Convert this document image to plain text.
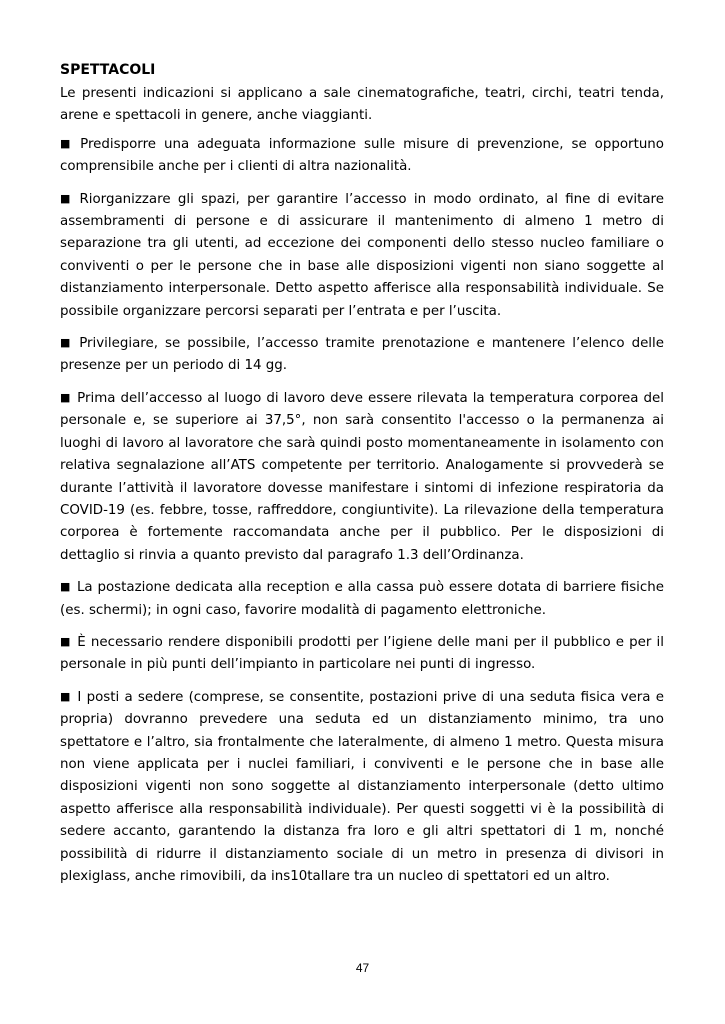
SPETTACOLI

Le presenti indicazioni si applicano a sale cinematografiche, teatri, circhi, teatri tenda, arene e spettacoli in genere, anche viaggianti.

■ Predisporre una adeguata informazione sulle misure di prevenzione, se opportuno comprensibile anche per i clienti di altra nazionalità.

■ Riorganizzare gli spazi, per garantire l’accesso in modo ordinato, al fine di evitare assembramenti di persone e di assicurare il mantenimento di almeno 1 metro di separazione tra gli utenti, ad eccezione dei componenti dello stesso nucleo familiare o conviventi o per le persone che in base alle disposizioni vigenti non siano soggette al distanziamento interpersonale. Detto aspetto afferisce alla responsabilità individuale. Se possibile organizzare percorsi separati per l’entrata e per l’uscita.

■ Privilegiare, se possibile, l’accesso tramite prenotazione e mantenere l’elenco delle presenze per un periodo di 14 gg.

■ Prima dell’accesso al luogo di lavoro deve essere rilevata la temperatura corporea del personale e, se superiore ai 37,5°, non sarà consentito l'accesso o la permanenza ai luoghi di lavoro al lavoratore che sarà quindi posto momentaneamente in isolamento con relativa segnalazione all’ATS competente per territorio. Analogamente si provvederà se durante l’attività il lavoratore dovesse manifestare i sintomi di infezione respiratoria da COVID-19 (es. febbre, tosse, raffreddore, congiuntivite). La rilevazione della temperatura corporea è fortemente raccomandata anche per il pubblico. Per le disposizioni di dettaglio si rinvia a quanto previsto dal paragrafo 1.3 dell’Ordinanza.

■ La postazione dedicata alla reception e alla cassa può essere dotata di barriere fisiche (es. schermi); in ogni caso, favorire modalità di pagamento elettroniche.

■ È necessario rendere disponibili prodotti per l’igiene delle mani per il pubblico e per il personale in più punti dell’impianto in particolare nei punti di ingresso.

■ I posti a sedere (comprese, se consentite, postazioni prive di una seduta fisica vera e propria) dovranno prevedere una seduta ed un distanziamento minimo, tra uno spettatore e l’altro, sia frontalmente che lateralmente, di almeno 1 metro. Questa misura non viene applicata per i nuclei familiari, i conviventi e le persone che in base alle disposizioni vigenti non sono soggette al distanziamento interpersonale (detto ultimo aspetto afferisce alla responsabilità individuale). Per questi soggetti vi è la possibilità di sedere accanto, garantendo la distanza fra loro e gli altri spettatori di 1 m, nonché possibilità di ridurre il distanziamento sociale di un metro in presenza di divisori in plexiglass, anche rimovibili, da ins10tallare tra un nucleo di spettatori ed un altro.

47
